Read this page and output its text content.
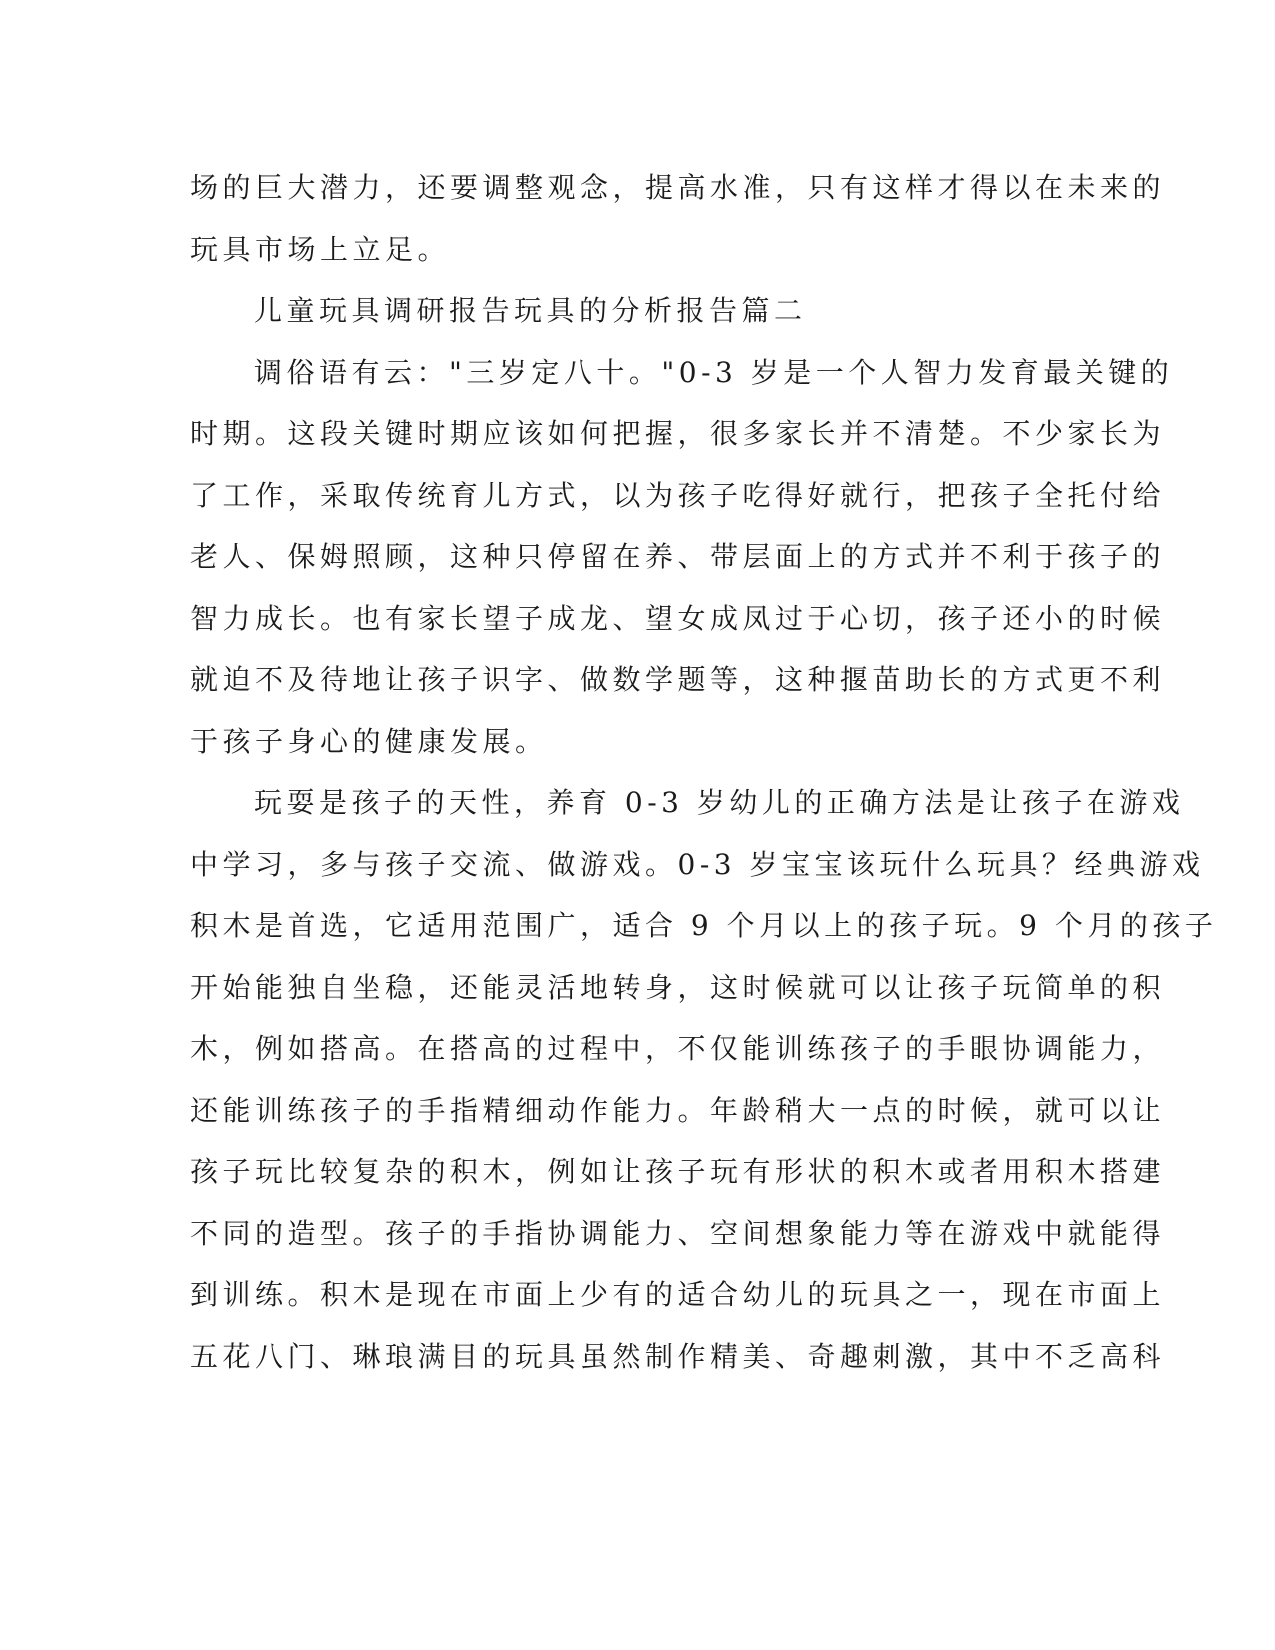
场的巨大潜力，还要调整观念，提高水准，只有这样才得以在未来的
玩具市场上立足。
儿童玩具调研报告玩具的分析报告篇二
调俗语有云："三岁定八十。"0-3 岁是一个人智力发育最关键的
时期。这段关键时期应该如何把握，很多家长并不清楚。不少家长为
了工作，采取传统育儿方式，以为孩子吃得好就行，把孩子全托付给
老人、保姆照顾，这种只停留在养、带层面上的方式并不利于孩子的
智力成长。也有家长望子成龙、望女成凤过于心切，孩子还小的时候
就迫不及待地让孩子识字、做数学题等，这种揠苗助长的方式更不利
于孩子身心的健康发展。
玩耍是孩子的天性，养育 0-3 岁幼儿的正确方法是让孩子在游戏
中学习，多与孩子交流、做游戏。0-3 岁宝宝该玩什么玩具？经典游戏
积木是首选，它适用范围广，适合 9 个月以上的孩子玩。9 个月的孩子
开始能独自坐稳，还能灵活地转身，这时候就可以让孩子玩简单的积
木，例如搭高。在搭高的过程中，不仅能训练孩子的手眼协调能力，
还能训练孩子的手指精细动作能力。年龄稍大一点的时候，就可以让
孩子玩比较复杂的积木，例如让孩子玩有形状的积木或者用积木搭建
不同的造型。孩子的手指协调能力、空间想象能力等在游戏中就能得
到训练。积木是现在市面上少有的适合幼儿的玩具之一，现在市面上
五花八门、琳琅满目的玩具虽然制作精美、奇趣刺激，其中不乏高科
